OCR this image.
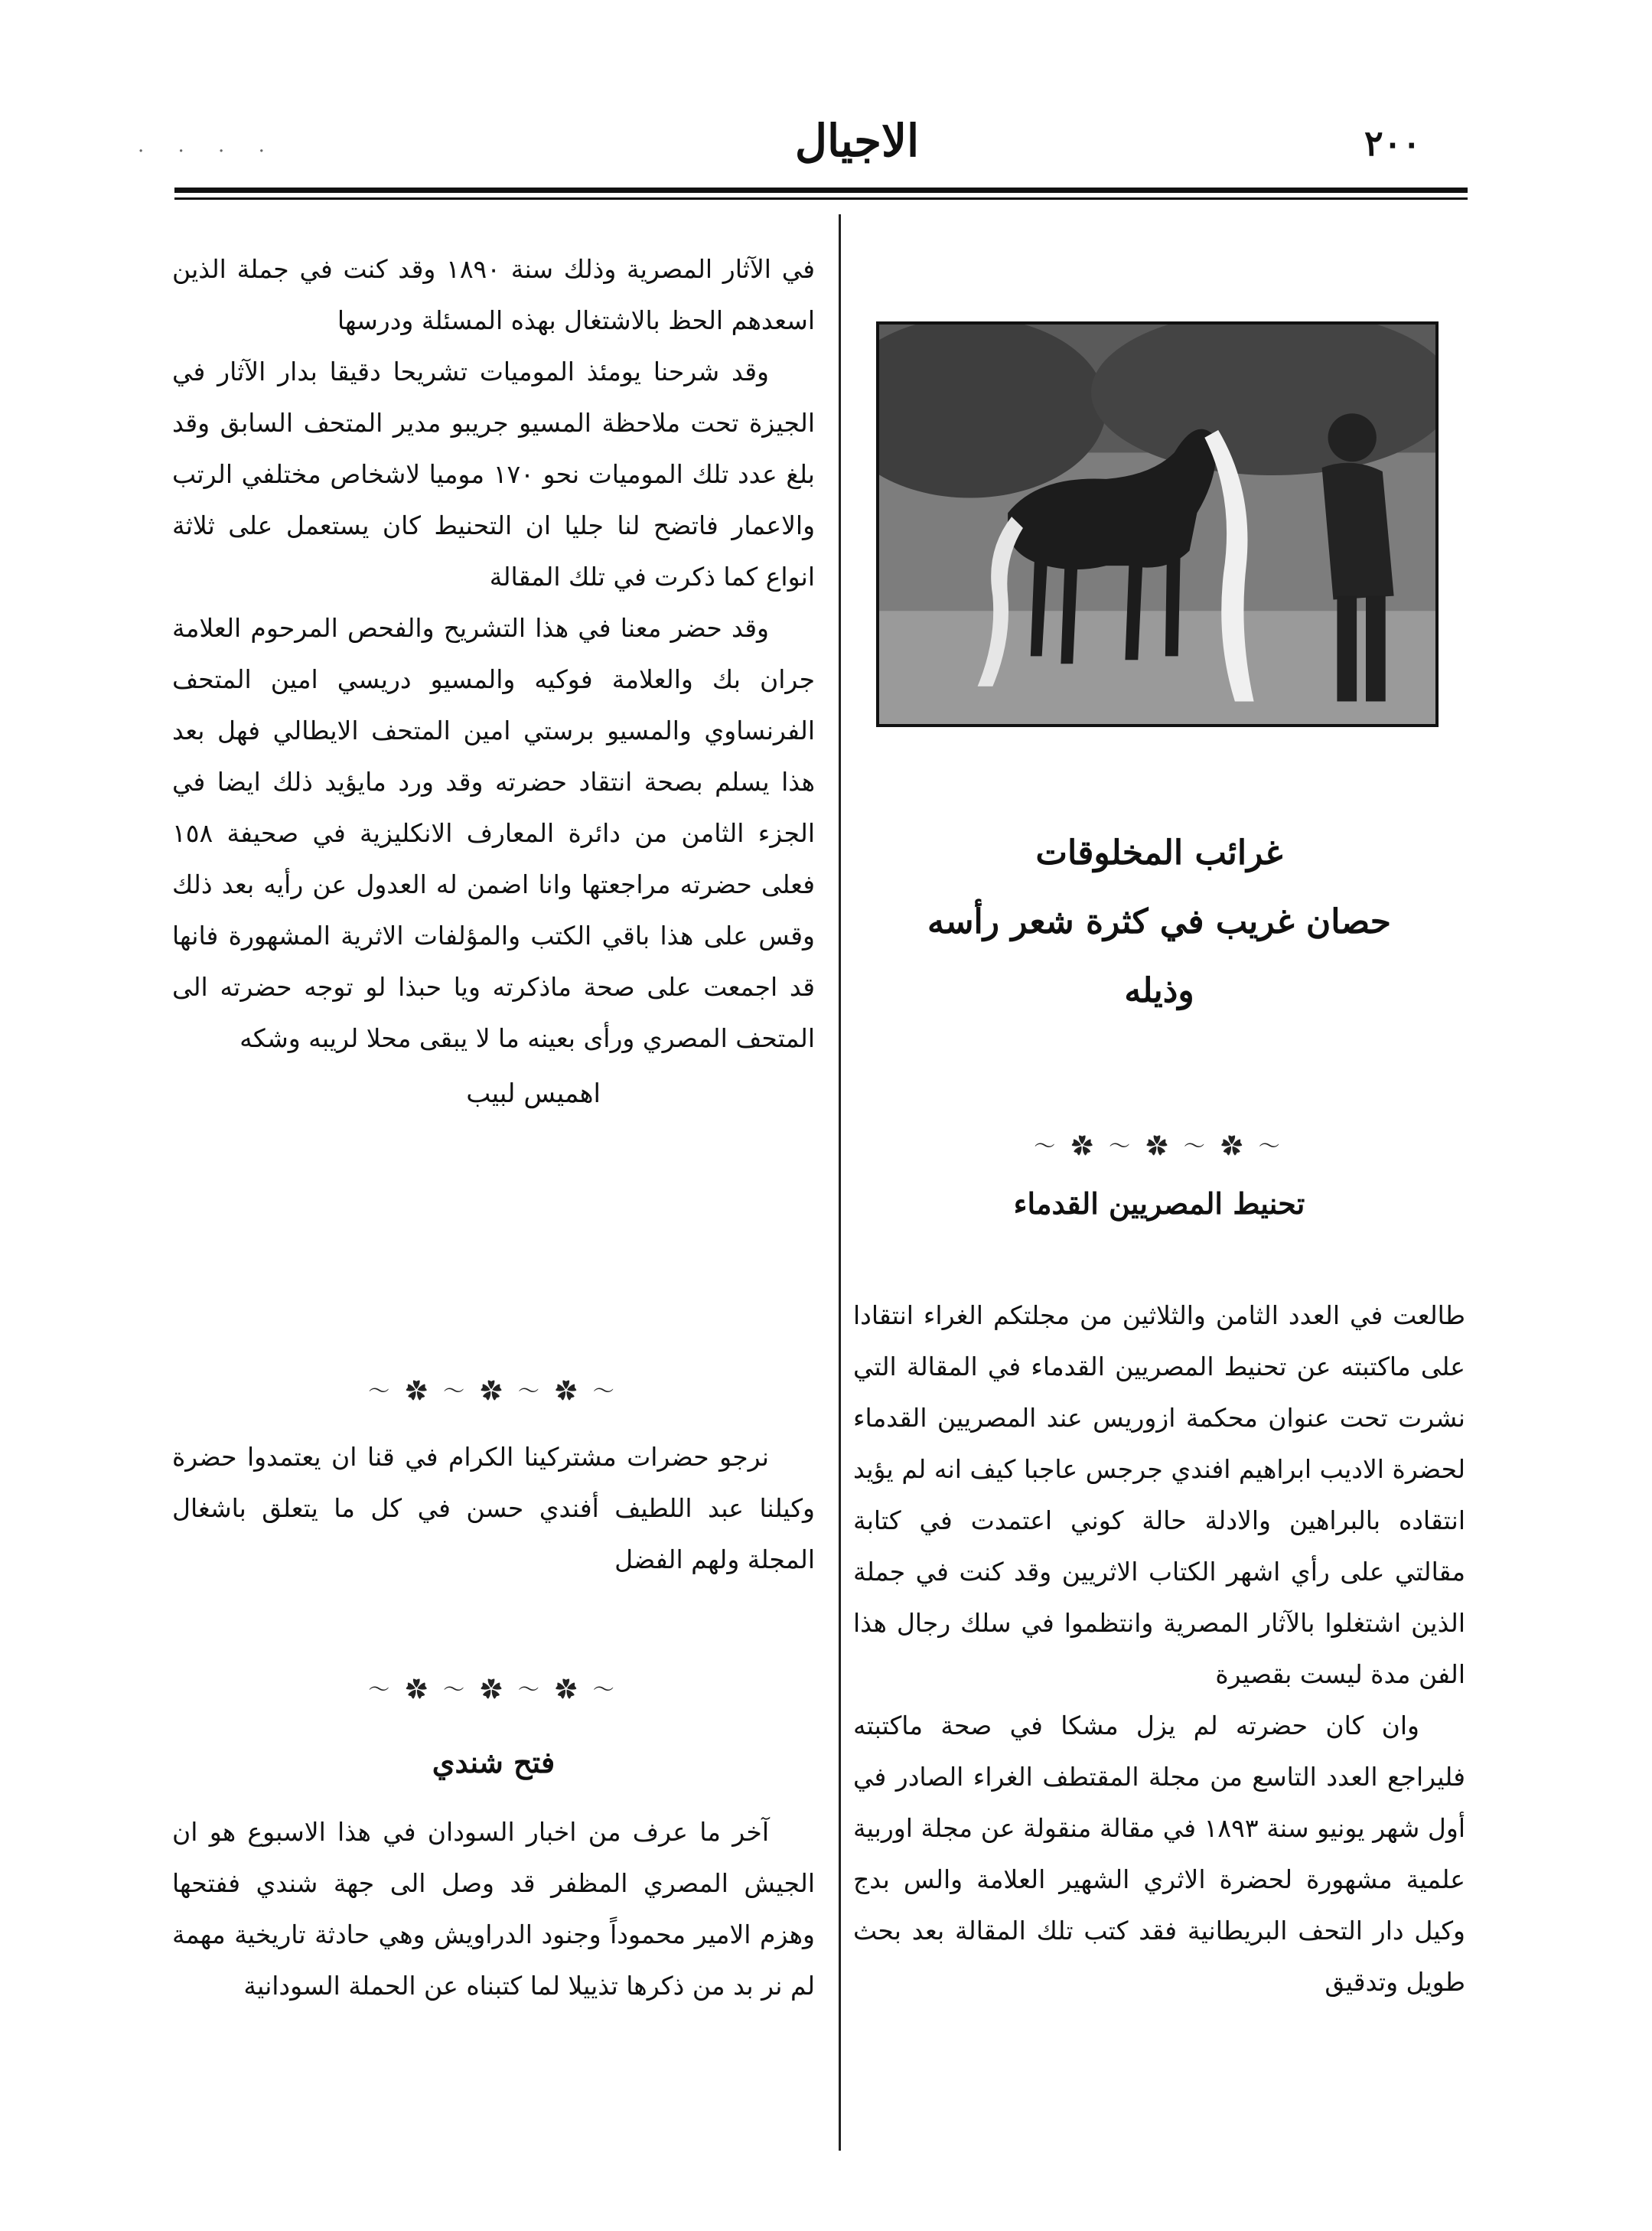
. . . .	الاجيال	٢٠٠

في الآثار المصرية وذلك سنة ١٨٩٠ وقد كنت في جملة الذين اسعدهم الحظ بالاشتغال بهذه المسئلة ودرسها

وقد شرحنا يومئذ الموميات تشريحا دقيقا بدار الآثار في الجيزة تحت ملاحظة المسيو جريبو مدير المتحف السابق وقد بلغ عدد تلك الموميات نحو ١٧٠ موميا لاشخاص مختلفي الرتب والاعمار فاتضح لنا جليا ان التحنيط كان يستعمل على ثلاثة انواع كما ذكرت في تلك المقالة

وقد حضر معنا في هذا التشريح والفحص المرحوم العلامة جران بك والعلامة فوكيه والمسيو دريسي امين المتحف الفرنساوي والمسيو برستي امين المتحف الايطالي فهل بعد هذا يسلم بصحة انتقاد حضرته وقد ورد مايؤيد ذلك ايضا في الجزء الثامن من دائرة المعارف الانكليزية في صحيفة ١٥٨ فعلى حضرته مراجعتها وانا اضمن له العدول عن رأيه بعد ذلك وقس على هذا باقي الكتب والمؤلفات الاثرية المشهورة فانها قد اجمعت على صحة ماذكرته ويا حبذا لو توجه حضرته الى المتحف المصري ورأى بعينه ما لا يبقى محلا لريبه وشكه

اهميس لبيب

〜 ✿ 〜 ✿ 〜 ✿ 〜

نرجو حضرات مشتركينا الكرام في قنا ان يعتمدوا حضرة وكيلنا عبد اللطيف أفندي حسن في كل ما يتعلق باشغال المجلة ولهم الفضل

〜 ✿ 〜 ✿ 〜 ✿ 〜
فتح شندي

آخر ما عرف من اخبار السودان في هذا الاسبوع هو ان الجيش المصري المظفر قد وصل الى جهة شندي ففتحها وهزم الامير محموداً وجنود الدراويش وهي حادثة تاريخية مهمة لم نر بد من ذكرها تذييلا لما كتبناه عن الحملة السودانية

غرائب المخلوقات
حصان غريب في كثرة شعر رأسه
وذيله
〜 ✿ 〜 ✿ 〜 ✿ 〜
تحنيط المصريين القدماء

طالعت في العدد الثامن والثلاثين من مجلتكم الغراء انتقادا على ماكتبته عن تحنيط المصريين القدماء في المقالة التي نشرت تحت عنوان محكمة ازوريس عند المصريين القدماء لحضرة الاديب ابراهيم افندي جرجس عاجبا كيف انه لم يؤيد انتقاده بالبراهين والادلة حالة كوني اعتمدت في كتابة مقالتي على رأي اشهر الكتاب الاثريين وقد كنت في جملة الذين اشتغلوا بالآثار المصرية وانتظموا في سلك رجال هذا الفن مدة ليست بقصيرة

وان كان حضرته لم يزل مشكا في صحة ماكتبته فليراجع العدد التاسع من مجلة المقتطف الغراء الصادر في أول شهر يونيو سنة ١٨٩٣ في مقالة منقولة عن مجلة اوربية علمية مشهورة لحضرة الاثري الشهير العلامة والس بدج وكيل دار التحف البريطانية فقد كتب تلك المقالة بعد بحث طويل وتدقيق
